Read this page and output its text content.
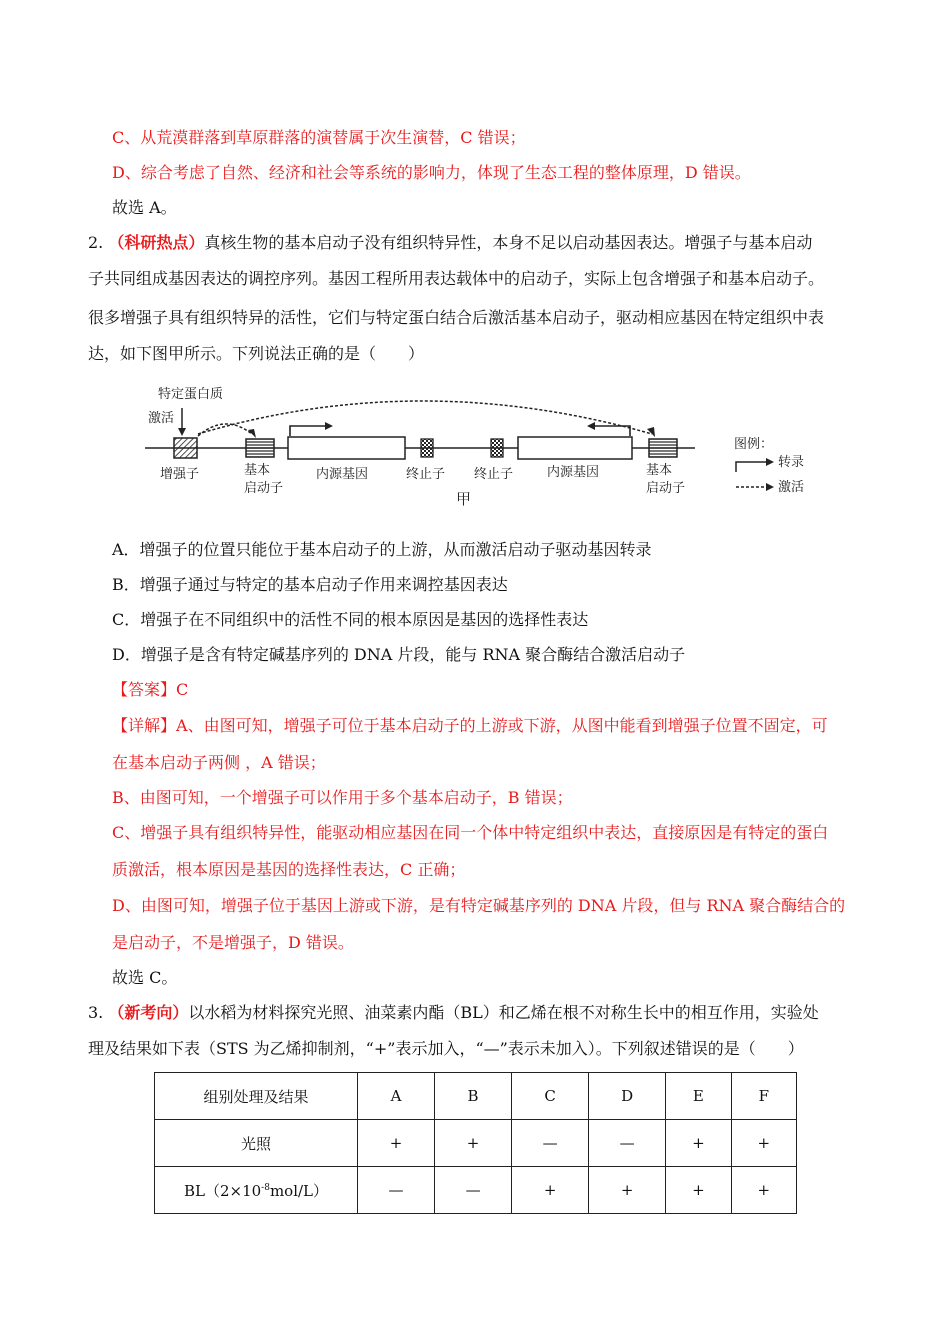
C、从荒漠群落到草原群落的演替属于次生演替，C 错误；
D、综合考虑了自然、经济和社会等系统的影响力，体现了生态工程的整体原理，D 错误。
故选 A。
2. （科研热点）真核生物的基本启动子没有组织特异性，本身不足以启动基因表达。增强子与基本启动
子共同组成基因表达的调控序列。基因工程所用表达载体中的启动子，实际上包含增强子和基本启动子。
很多增强子具有组织特异的活性，它们与特定蛋白结合后激活基本启动子，驱动相应基因在特定组织中表
达，如下图甲所示。下列说法正确的是（　　）
特定蛋白质
激活
增强子	基本
启动子
内源基因	终止子 终止子	内源基因	基本
启动子
甲
图例：
转录
激活
A．增强子的位置只能位于基本启动子的上游，从而激活启动子驱动基因转录
B．增强子通过与特定的基本启动子作用来调控基因表达
C．增强子在不同组织中的活性不同的根本原因是基因的选择性表达
D．增强子是含有特定碱基序列的 DNA 片段，能与 RNA 聚合酶结合激活启动子
【答案】C
【详解】A、由图可知，增强子可位于基本启动子的上游或下游，从图中能看到增强子位置不固定，可
在基本启动子两侧 ，A 错误；
B、由图可知，一个增强子可以作用于多个基本启动子，B 错误；
C、增强子具有组织特异性，能驱动相应基因在同一个体中特定组织中表达，直接原因是有特定的蛋白
质激活，根本原因是基因的选择性表达，C 正确；
D、由图可知，增强子位于基因上游或下游，是有特定碱基序列的 DNA 片段，但与 RNA 聚合酶结合的
是启动子，不是增强子，D 错误。
故选 C。
3. （新考向）以水稻为材料探究光照、油菜素内酯（BL）和乙烯在根不对称生长中的相互作用，实验处
理及结果如下表（STS 为乙烯抑制剂，“+”表示加入，“—”表示未加入）。下列叙述错误的是（　　）
组别处理及结果	A	B	C	D	E	F
光照	+	+	—	—	+	+
$BL(2\times 10^{-8}mol/L)$	—	—	+	+	+	+
